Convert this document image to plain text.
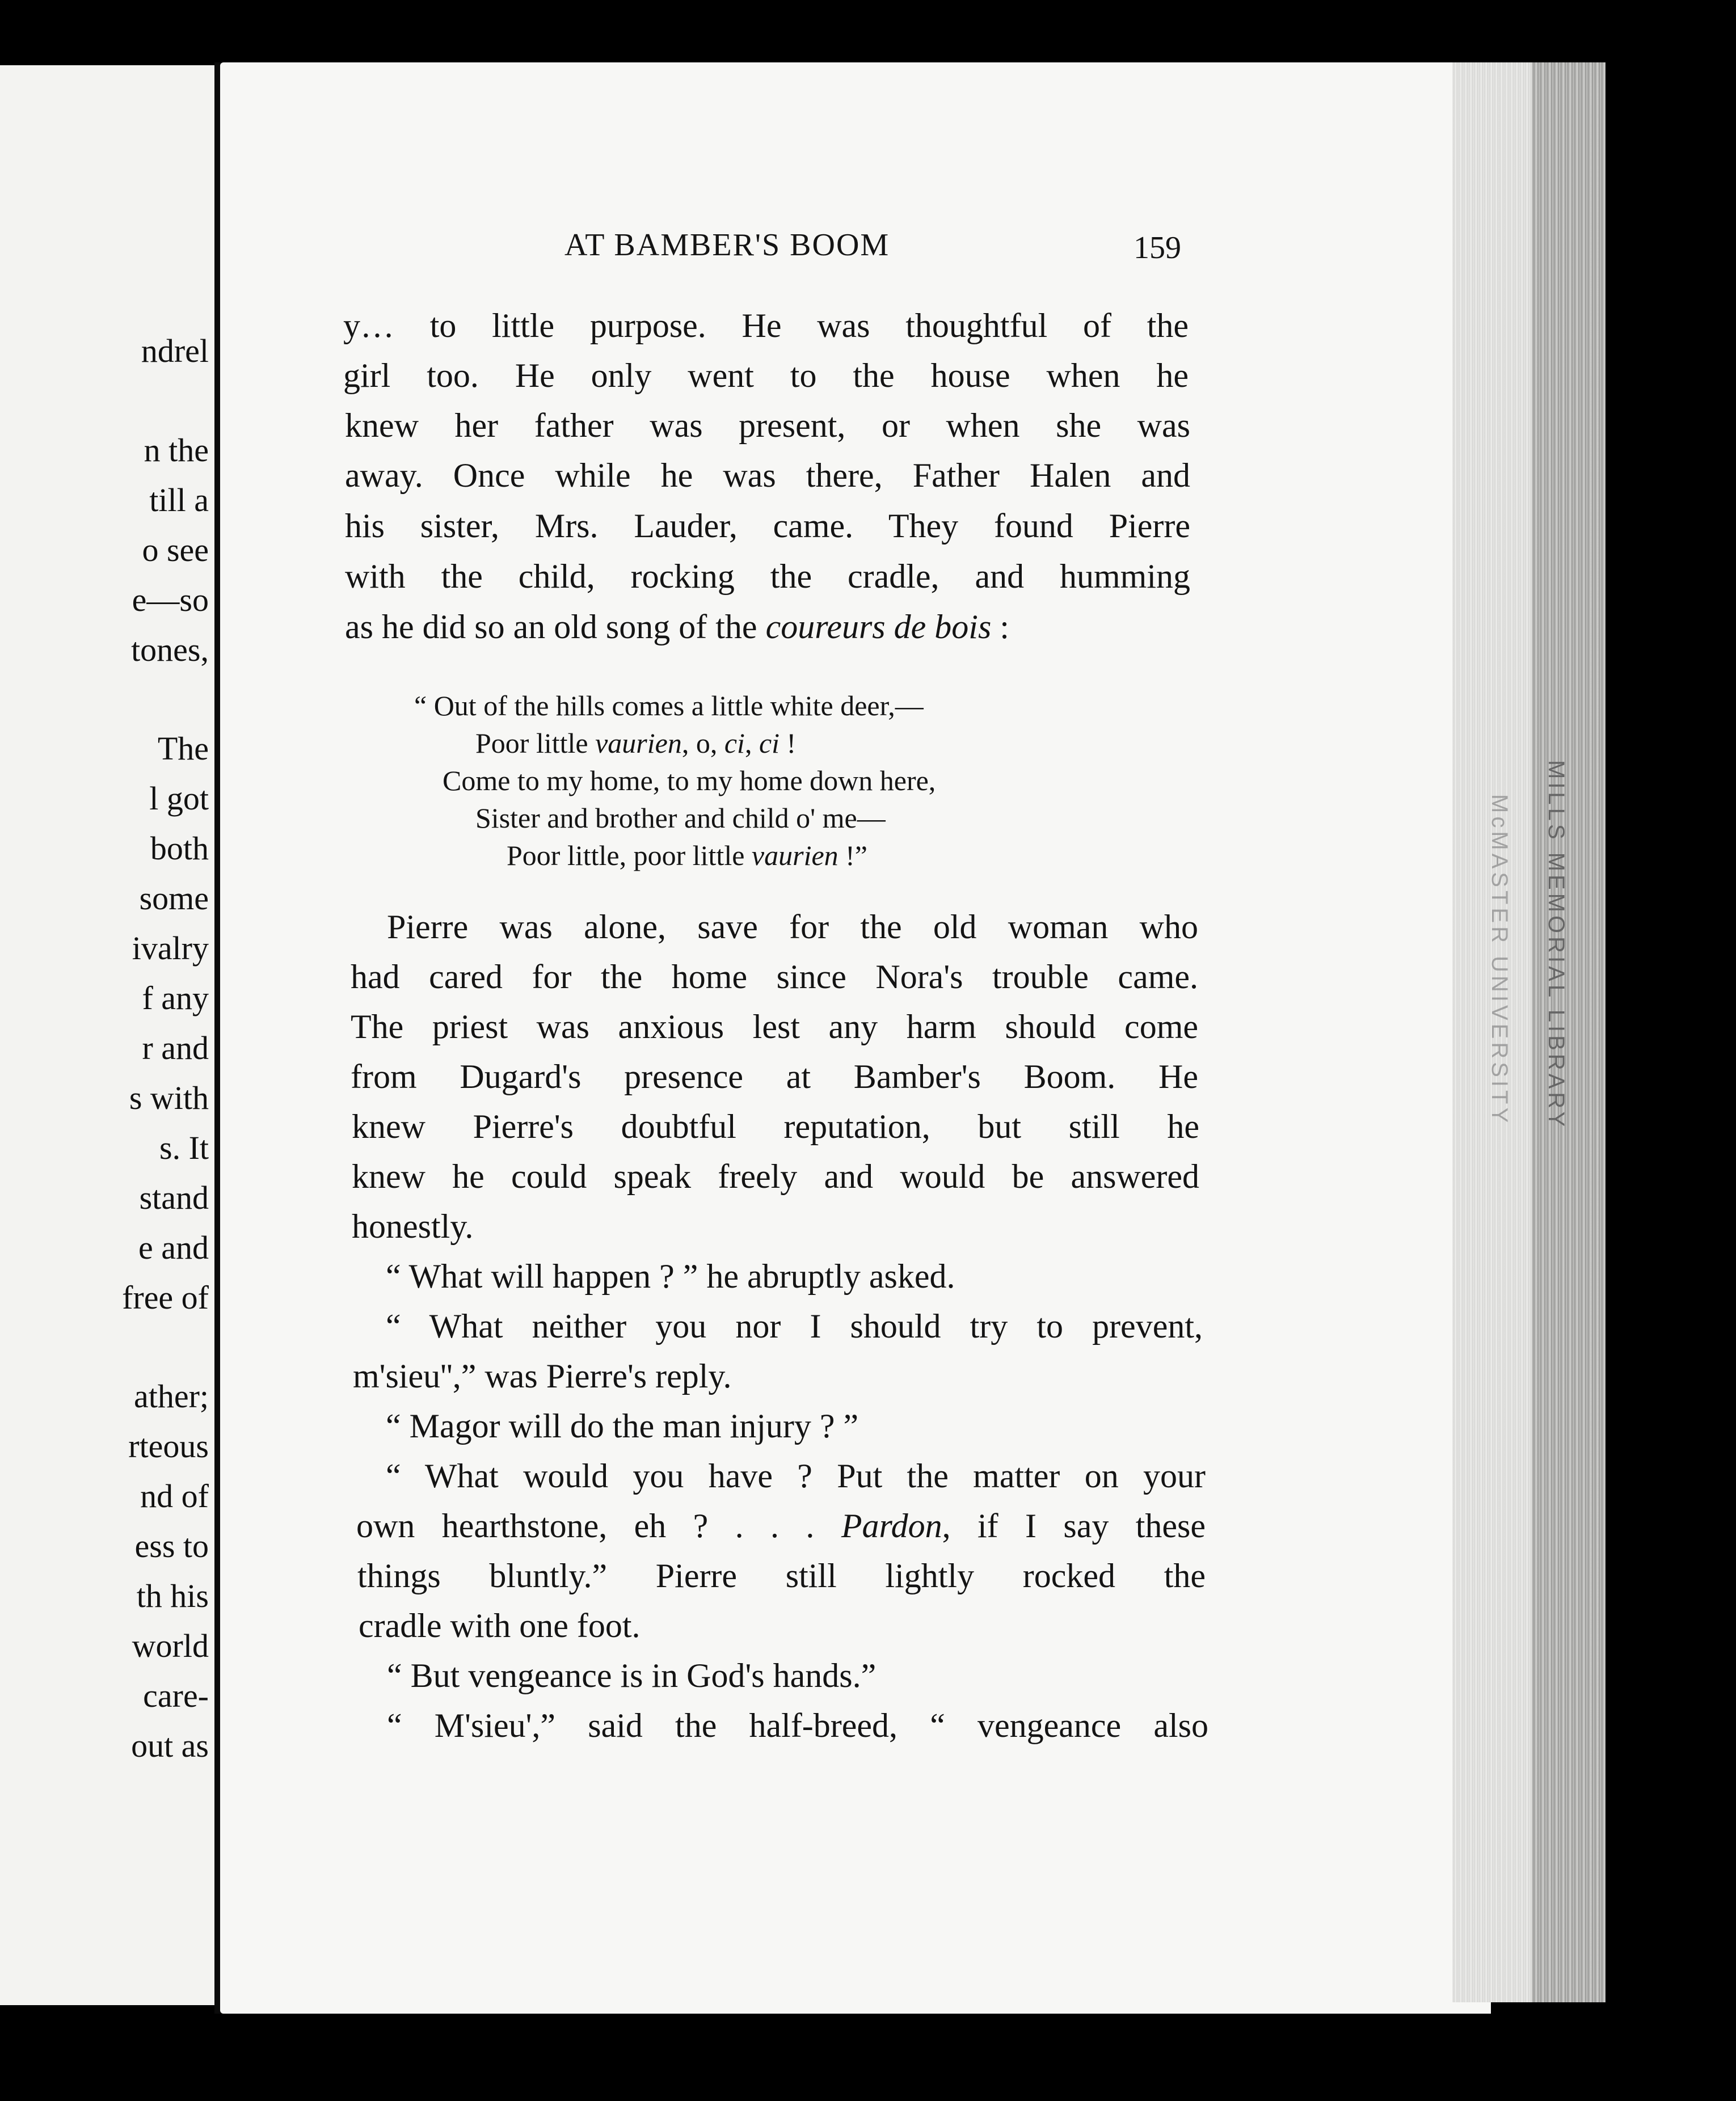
ndrel
n the
till a
o see
e—so
tones,
The
l got
both
some
ivalry
f any
r and
s with
s. It
stand
e and
free of
ather;
rteous
nd of
ess to
th his
world
care-
out as
MILLS MEMORIAL LIBRARY
McMASTER UNIVERSITY
AT BAMBER'S BOOM	159
y… to little purpose. He was thoughtful of the
girl too. He only went to the house when he
knew her father was present, or when she was
away. Once while he was there, Father Halen and
his sister, Mrs. Lauder, came. They found Pierre
with the child, rocking the cradle, and humming
as he did so an old song of the coureurs de bois :
“ Out of the hills comes a little white deer,—
Poor little vaurien, o, ci, ci !
Come to my home, to my home down here,
Sister and brother and child o' me—
Poor little, poor little vaurien !”
Pierre was alone, save for the old woman who
had cared for the home since Nora's trouble came.
The priest was anxious lest any harm should come
from Dugard's presence at Bamber's Boom. He
knew Pierre's doubtful reputation, but still he
knew he could speak freely and would be answered
honestly.
“ What will happen ? ” he abruptly asked.
“ What neither you nor I should try to prevent,
m'sieu'',” was Pierre's reply.
“ Magor will do the man injury ? ”
“ What would you have ? Put the matter on your
own hearthstone, eh ? . . . Pardon, if I say these
things bluntly.” Pierre still lightly rocked the
cradle with one foot.
“ But vengeance is in God's hands.”
“ M'sieu',” said the half-breed, “ vengeance also
